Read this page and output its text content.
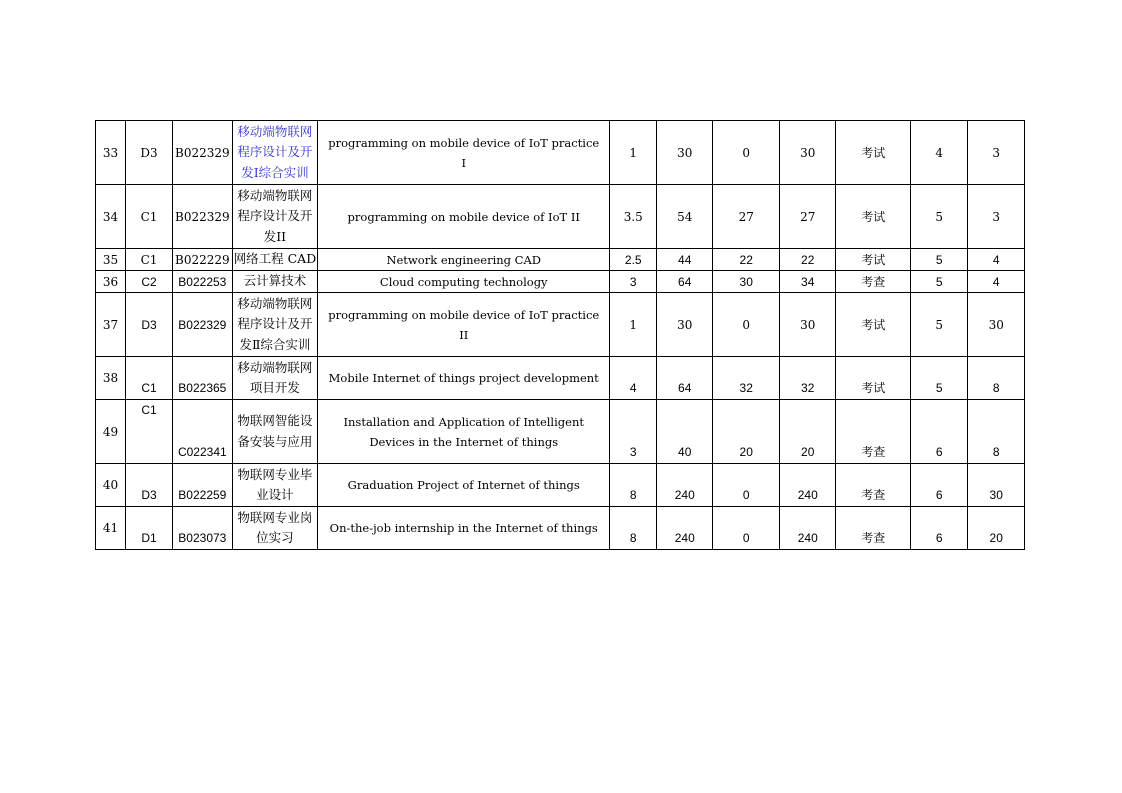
33	D3	B022329	移动端物联网程序设计及开发Ⅰ综合实训	programming on mobile device of IoT practice I	1	30	0	30	考试	4	3
34	C1	B022329	移动端物联网程序设计及开发ⅠⅠ	programming on mobile device of IoT II	3.5	54	27	27	考试	5	3
35	C1	B022229	网络工程 CAD	Network engineering CAD	2.5	44	22	22	考试	5	4
36	C2	B022253	云计算技术	Cloud computing technology	3	64	30	34	考查	5	4
37	D3	B022329	移动端物联网程序设计及开发Ⅱ综合实训	programming on mobile device of IoT practice II	1	30	0	30	考试	5	30
38	C1	B022365	移动端物联网项目开发	Mobile Internet of things project development	4	64	32	32	考试	5	8
49	C1	C022341	物联网智能设备安装与应用	Installation and Application of Intelligent Devices in the Internet of things	3	40	20	20	考查	6	8
40	D3	B022259	物联网专业毕业设计	Graduation Project of Internet of things	8	240	0	240	考查	6	30
41	D1	B023073	物联网专业岗位实习	On-the-job internship in the Internet of things	8	240	0	240	考查	6	20
